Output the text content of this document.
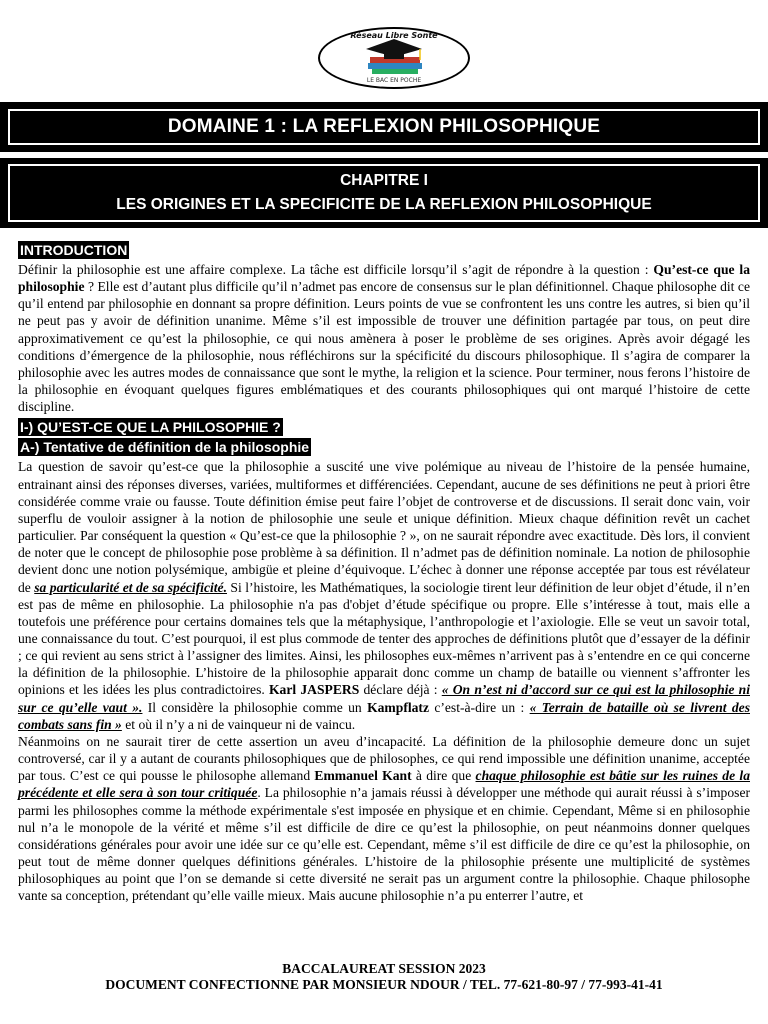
Réseau Libre Sonté
LE BAC EN POCHE
DOMAINE 1 : LA REFLEXION PHILOSOPHIQUE
CHAPITRE I
LES ORIGINES ET LA SPECIFICITE DE LA REFLEXION PHILOSOPHIQUE
INTRODUCTION

Définir la philosophie est une affaire complexe. La tâche est difficile lorsqu’il s’agit de répondre à la question : Qu’est-ce que la philosophie ? Elle est d’autant plus difficile qu’il n’admet pas encore de consensus sur le plan définitionnel. Chaque philosophe dit ce qu’il entend par philosophie en donnant sa propre définition. Leurs points de vue se confrontent les uns contre les autres, si bien qu’il ne peut pas y avoir de définition unanime. Même s’il est impossible de trouver une définition partagée par tous, on peut dire approximativement ce qu’est la philosophie, ce qui nous amènera à poser le problème de ses origines. Après avoir dégagé les conditions d’émergence de la philosophie, nous réfléchirons sur la spécificité du discours philosophique. Il s’agira de comparer la philosophie avec les autres modes de connaissance que sont le mythe, la religion et la science. Pour terminer, nous ferons l’histoire de la philosophie en évoquant quelques figures emblématiques et des courants philosophiques qui ont marqué l’histoire de cette discipline.

I-) QU’EST-CE QUE LA PHILOSOPHIE ?
A-) Tentative de définition de la philosophie

La question de savoir qu’est-ce que la philosophie a suscité une vive polémique au niveau de l’histoire de la pensée humaine, entrainant ainsi des réponses diverses, variées, multiformes et différenciées. Cependant, aucune de ses définitions ne peut à priori être considérée comme vraie ou fausse. Toute définition émise peut faire l’objet de controverse et de discussions. Il serait donc vain, voir superflu de vouloir assigner à la notion de philosophie une seule et unique définition. Mieux chaque définition revêt un cachet particulier. Par conséquent la question « Qu’est-ce que la philosophie ? », on ne saurait répondre avec exactitude. Dès lors, il convient de noter que le concept de philosophie pose problème à sa définition. Il n’admet pas de définition nominale. La notion de philosophie devient donc une notion polysémique, ambigüe et pleine d’équivoque. L’échec à donner une réponse acceptée par tous est révélateur de sa particularité et de sa spécificité. Si l’histoire, les Mathématiques, la sociologie tirent leur définition de leur objet d’étude, il n’en est pas de même en philosophie. La philosophie n'a pas d'objet d’étude spécifique ou propre. Elle s’intéresse à tout, mais elle a toutefois une préférence pour certains domaines tels que la métaphysique, l’anthropologie et l’axiologie. Elle se veut un savoir total, une connaissance du tout. C’est pourquoi, il est plus commode de tenter des approches de définitions plutôt que d’essayer de la définir ; ce qui revient au sens strict à l’assigner des limites. Ainsi, les philosophes eux-mêmes n’arrivent pas à s’entendre en ce qui concerne la définition de la philosophie. L’histoire de la philosophie apparait donc comme un champ de bataille ou viennent s’affronter les opinions et les idées les plus contradictoires. Karl JASPERS déclare déjà : « On n’est ni d’accord sur ce qui est la philosophie ni sur ce qu’elle vaut ». Il considère la philosophie comme un Kampflatz c’est-à-dire un : « Terrain de bataille où se livrent des combats sans fin » et où il n’y a ni de vainqueur ni de vaincu.

Néanmoins on ne saurait tirer de cette assertion un aveu d’incapacité. La définition de la philosophie demeure donc un sujet controversé, car il y a autant de courants philosophiques que de philosophes, ce qui rend impossible une définition unanime, acceptée par tous. C’est ce qui pousse le philosophe allemand Emmanuel Kant à dire que chaque philosophie est bâtie sur les ruines de la précédente et elle sera à son tour critiquée. La philosophie n’a jamais réussi à développer une méthode qui aurait réussi à s’imposer parmi les philosophes comme la méthode expérimentale s'est imposée en physique et en chimie. Cependant, Même si en philosophie nul n’a le monopole de la vérité et même s’il est difficile de dire ce qu’est la philosophie, on peut néanmoins donner quelques considérations générales pour avoir une idée sur ce qu’elle est. Cependant, même s’il est difficile de dire ce qu’est la philosophie, on peut tout de même donner quelques définitions générales. L’histoire de la philosophie présente une multiplicité de systèmes philosophiques au point que l’on se demande si cette diversité ne serait pas un argument contre la philosophie. Chaque philosophe vante sa conception, prétendant qu’elle vaille mieux. Mais aucune philosophie n’a pu enterrer l’autre, et

BACCALAUREAT SESSION 2023
DOCUMENT CONFECTIONNE PAR MONSIEUR NDOUR / TEL. 77-621-80-97 / 77-993-41-41
